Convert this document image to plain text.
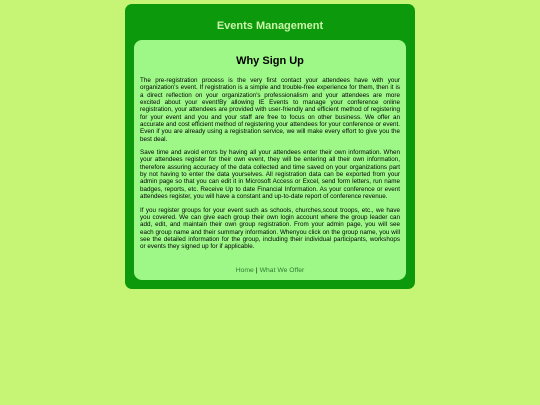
Events Management
Why Sign Up

The pre-registration process is the very first contact your attendees have with your organization's event. If registration is a simple and trouble-free experience for them, then it is a direct reflection on your organization's professionalism and your attendees are more excited about your event!By allowing IE Events to manage your conference online registration, your attendees are provided with user-friendly and efficient method of registering for your event and you and your staff are free to focus on other business. We offer an accurate and cost efficient method of registering your attendees for your conference or event. Even if you are already using a registration service, we will make every effort to give you the best deal.

Save time and avoid errors by having all your attendees enter their own information. When your attendees register for their own event, they will be entering all their own information, therefore assuring accuracy of the data collected and time saved on your organizations part by not having to enter the data yourselves. All registration data can be exported from your admin page so that you can edit it in Microsoft Access or Excel, send form letters, run name badges, reports, etc. Receive Up to date Financial Information. As your conference or event attendees register, you will have a constant and up-to-date report of conference revenue.

If you register groups for your event such as schools, churches,scout troops, etc., we have you covered. We can give each group their own login account where the group leader can add, edit, and maintain their own group registration. From your admin page, you will see each group name and their summary information. Whenyou click on the group name, you will see the detailed information for the group, including their individual participants, workshops or events they signed up for if applicable.

Home | What We Offer
